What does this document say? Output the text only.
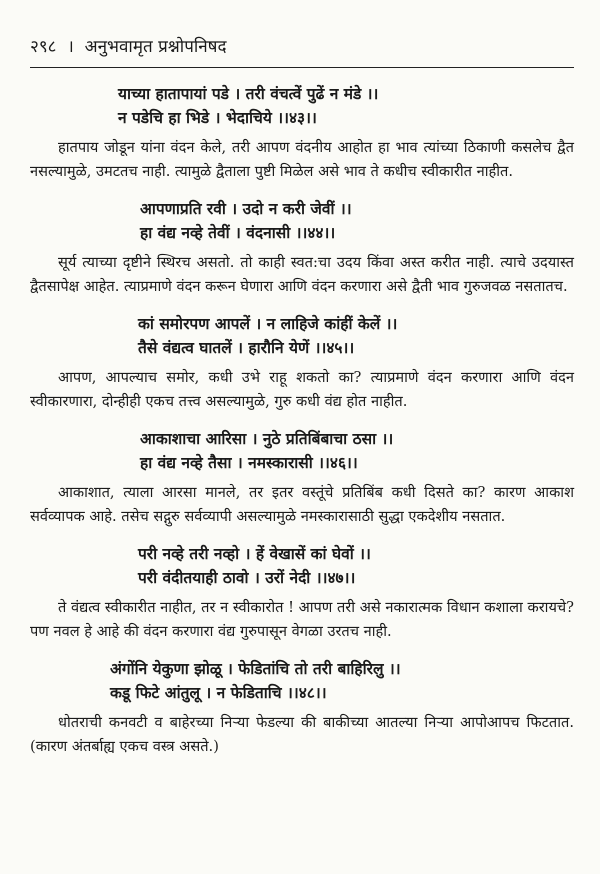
२९८  ।  अनुभवामृत प्रश्नोपनिषद
याच्या हातापायां पडे । तरी वंचत्वें पुढें न मंडे ।।
न पडेचि हा भिडे । भेदाचिये ।।४३।।

हातपाय जोडून यांना वंदन केले, तरी आपण वंदनीय आहोत हा भाव त्यांच्या ठिकाणी कसलेच द्वैत नसल्यामुळे, उमटतच नाही. त्यामुळे द्वैताला पुष्टी मिळेल असे भाव ते कधीच स्वीकारीत नाहीत.

आपणाप्रति रवी । उदो न करी जेवीं ।।
हा वंद्य नव्हे तेवीं । वंदनासी ।।४४।।

सूर्य त्याच्या दृष्टीने स्थिरच असतो. तो काही स्वत:चा उदय किंवा अस्त करीत नाही. त्याचे उदयास्त द्वैतसापेक्ष आहेत. त्याप्रमाणे वंदन करून घेणारा आणि वंदन करणारा असे द्वैती भाव गुरुजवळ नसतातच.

कां समोरपण आपलें । न लाहिजे कांहीं केलें ।।
तैसे वंद्यत्व घातलें । हारौनि येणें ।।४५।।

आपण, आपल्याच समोर, कधी उभे राहू शकतो का? त्याप्रमाणे वंदन करणारा आणि वंदन स्वीकारणारा, दोन्हीही एकच तत्त्व असल्यामुळे, गुरु कधी वंद्य होत नाहीत.

आकाशाचा आरिसा । नुठे प्रतिबिंबाचा ठसा ।।
हा वंद्य नव्हे तैसा । नमस्कारासी ।।४६।।

आकाशात, त्याला आरसा मानले, तर इतर वस्तूंचे प्रतिबिंब कधी दिसते का? कारण आकाश सर्वव्यापक आहे. तसेच सद्गुरु सर्वव्यापी असल्यामुळे नमस्कारासाठी सुद्धा एकदेशीय नसतात.

परी नव्हे तरी नव्हो । हें वेखासें कां घेवों ।।
परी वंदीतयाही ठावो । उरों नेदी ।।४७।।

ते वंद्यत्व स्वीकारीत नाहीत, तर न स्वीकारोत ! आपण तरी असे नकारात्मक विधान कशाला करायचे? पण नवल हे आहे की वंदन करणारा वंद्य गुरुपासून वेगळा उरतच नाही.

अंगोंनि येकुणा झोळू । फेडितांचि तो तरी बाहिरिलु ।।
कडू फिटे आंतुलू । न फेडिताचि ।।४८।।

धोतराची कनवटी व बाहेरच्या निऱ्या फेडल्या की बाकीच्या आतल्या निऱ्या आपोआपच फिटतात. (कारण अंतर्बाह्य एकच वस्त्र असते.)
